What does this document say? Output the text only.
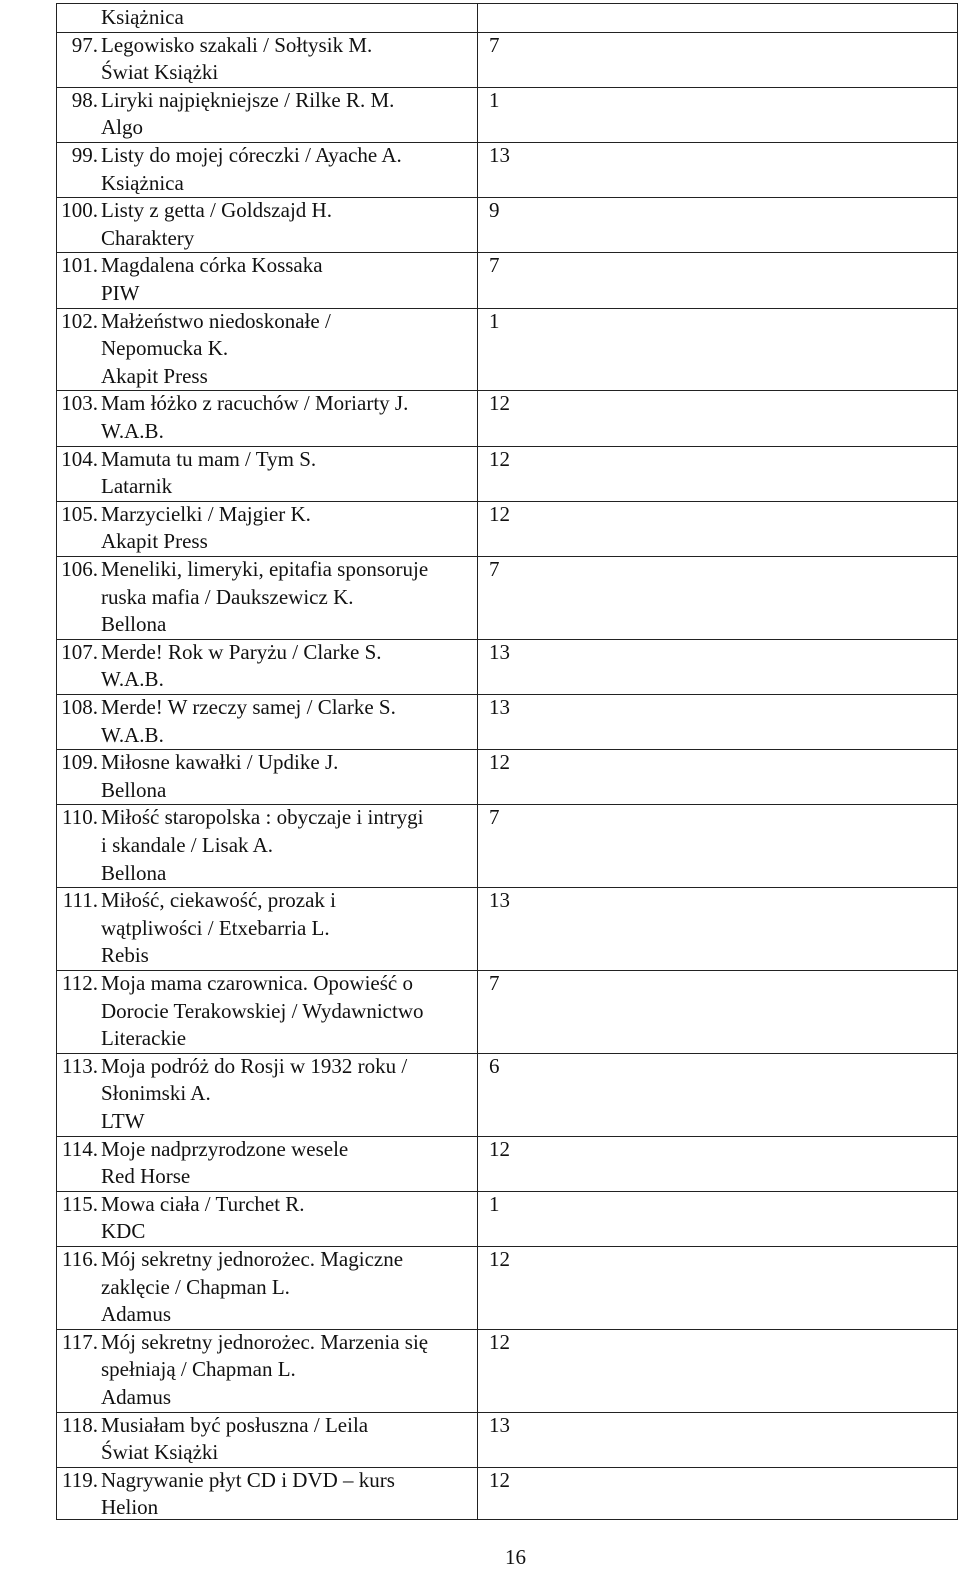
Książnica
97. Legowisko szakali / Sołtysik M.
Świat Książki
7
98. Liryki najpiękniejsze / Rilke R. M.
Algo
1
99. Listy do mojej córeczki / Ayache A.
Książnica
13
100. Listy z getta / Goldszajd H.
Charaktery
9
101. Magdalena córka Kossaka
PIW
7
102. Małżeństwo niedoskonałe /
Nepomucka K.
Akapit Press
1
103. Mam łóżko z racuchów / Moriarty J.
W.A.B.
12
104. Mamuta tu mam / Tym S.
Latarnik
12
105. Marzycielki / Majgier K.
Akapit Press
12
106. Meneliki, limeryki, epitafia sponsoruje
ruska mafia / Daukszewicz K.
Bellona
7
107. Merde! Rok w Paryżu / Clarke S.
W.A.B.
13
108. Merde! W rzeczy samej / Clarke S.
W.A.B.
13
109. Miłosne kawałki / Updike J.
Bellona
12
110. Miłość staropolska : obyczaje i intrygi
i skandale / Lisak A.
Bellona
7
111. Miłość, ciekawość, prozak i
wątpliwości / Etxebarria L.
Rebis
13
112. Moja mama czarownica. Opowieść o
Dorocie Terakowskiej / Wydawnictwo
Literackie
7
113. Moja podróż do Rosji w 1932 roku /
Słonimski A.
LTW
6
114. Moje nadprzyrodzone wesele
Red Horse
12
115. Mowa ciała / Turchet R.
KDC
1
116. Mój sekretny jednorożec. Magiczne
zaklęcie / Chapman L.
Adamus
12
117. Mój sekretny jednorożec. Marzenia się
spełniają / Chapman L.
Adamus
12
118. Musiałam być posłuszna / Leila
Świat Książki
13
119. Nagrywanie płyt CD i DVD – kurs
Helion
12
16
